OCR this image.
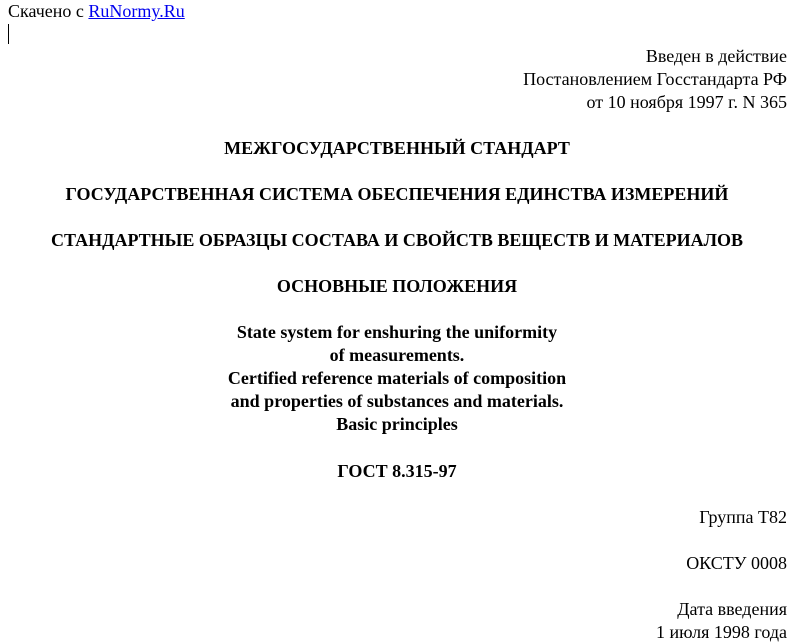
Скачено с RuNormy.Ru
Введен в действие
Постановлением Госстандарта РФ
от 10 ноября 1997 г. N 365
МЕЖГОСУДАРСТВЕННЫЙ СТАНДАРТ
ГОСУДАРСТВЕННАЯ СИСТЕМА ОБЕСПЕЧЕНИЯ ЕДИНСТВА ИЗМЕРЕНИЙ
СТАНДАРТНЫЕ ОБРАЗЦЫ СОСТАВА И СВОЙСТВ ВЕЩЕСТВ И МАТЕРИАЛОВ
ОСНОВНЫЕ ПОЛОЖЕНИЯ
State system for enshuring the uniformity
of measurements.
Certified reference materials of composition
and properties of substances and materials.
Basic principles
ГОСТ 8.315-97
Группа Т82
ОКСТУ 0008
Дата введения
1 июля 1998 года
